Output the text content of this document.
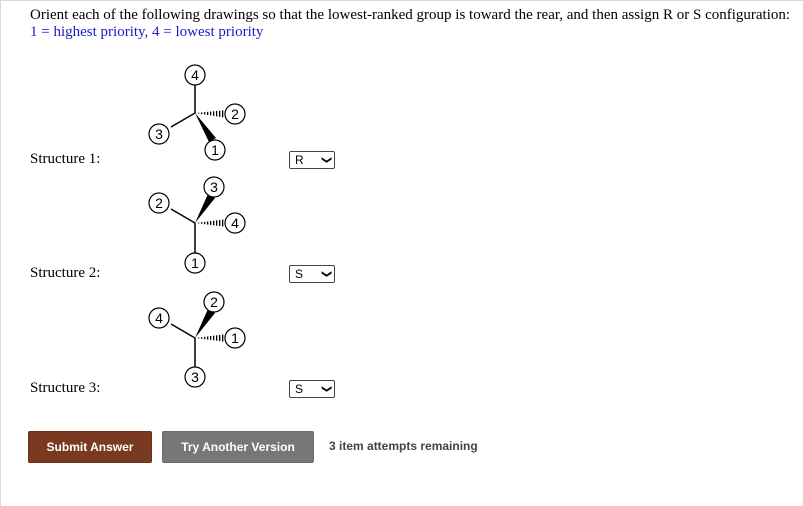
Orient each of the following drawings so that the lowest-ranked group is toward the rear, and then assign R or S configuration:
1 = highest priority, 4 = lowest priority
4
3
2
1
3
2
4
1
2
4
1
3
Structure 1:
Structure 2:
Structure 3:
R ❯
S ❯
S ❯
Submit Answer	Try Another Version	3 item attempts remaining
